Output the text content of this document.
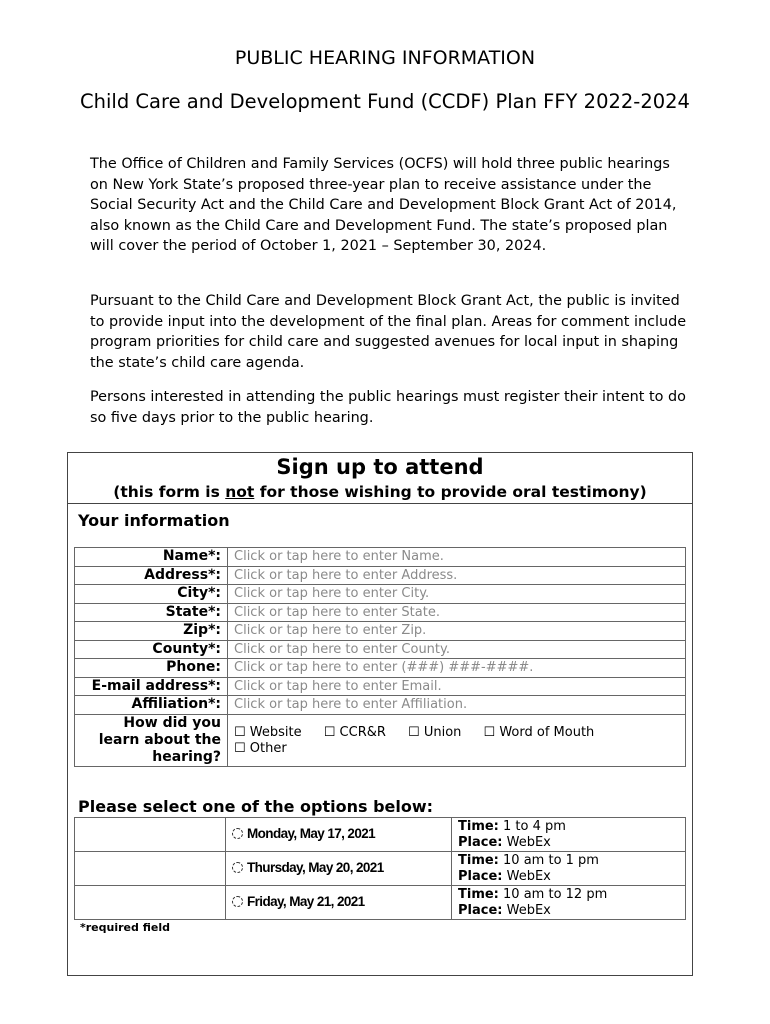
PUBLIC HEARING INFORMATION
Child Care and Development Fund (CCDF) Plan FFY 2022-2024

The Office of Children and Family Services (OCFS) will hold three public hearings on New York State’s proposed three-year plan to receive assistance under the Social Security Act and the Child Care and Development Block Grant Act of 2014, also known as the Child Care and Development Fund. The state’s proposed plan will cover the period of October 1, 2021 – September 30, 2024.

Pursuant to the Child Care and Development Block Grant Act, the public is invited to provide input into the development of the final plan. Areas for comment include program priorities for child care and suggested avenues for local input in shaping the state’s child care agenda.

Persons interested in attending the public hearings must register their intent to do so five days prior to the public hearing.

Sign up to attend
(this form is not for those wishing to provide oral testimony)
Your information
Name*:	Click or tap here to enter Name.
Address*:	Click or tap here to enter Address.
City*:	Click or tap here to enter City.
State*:	Click or tap here to enter State.
Zip*:	Click or tap here to enter Zip.
County*:	Click or tap here to enter County.
Phone:	Click or tap here to enter (###) ###-####.
E-mail address*:	Click or tap here to enter Email.
Affiliation*:	Click or tap here to enter Affiliation.
How did you learn about the hearing?	☐ Website ☐ CCR&R ☐ Union ☐ Word of Mouth ☐ Other
Please select one of the options below:
	Monday, May 17, 2021	Time: 1 to 4 pm
Place: WebEx
	Thursday, May 20, 2021	Time: 10 am to 1 pm
Place: WebEx
	Friday, May 21, 2021	Time: 10 am to 12 pm
Place: WebEx
*required field
